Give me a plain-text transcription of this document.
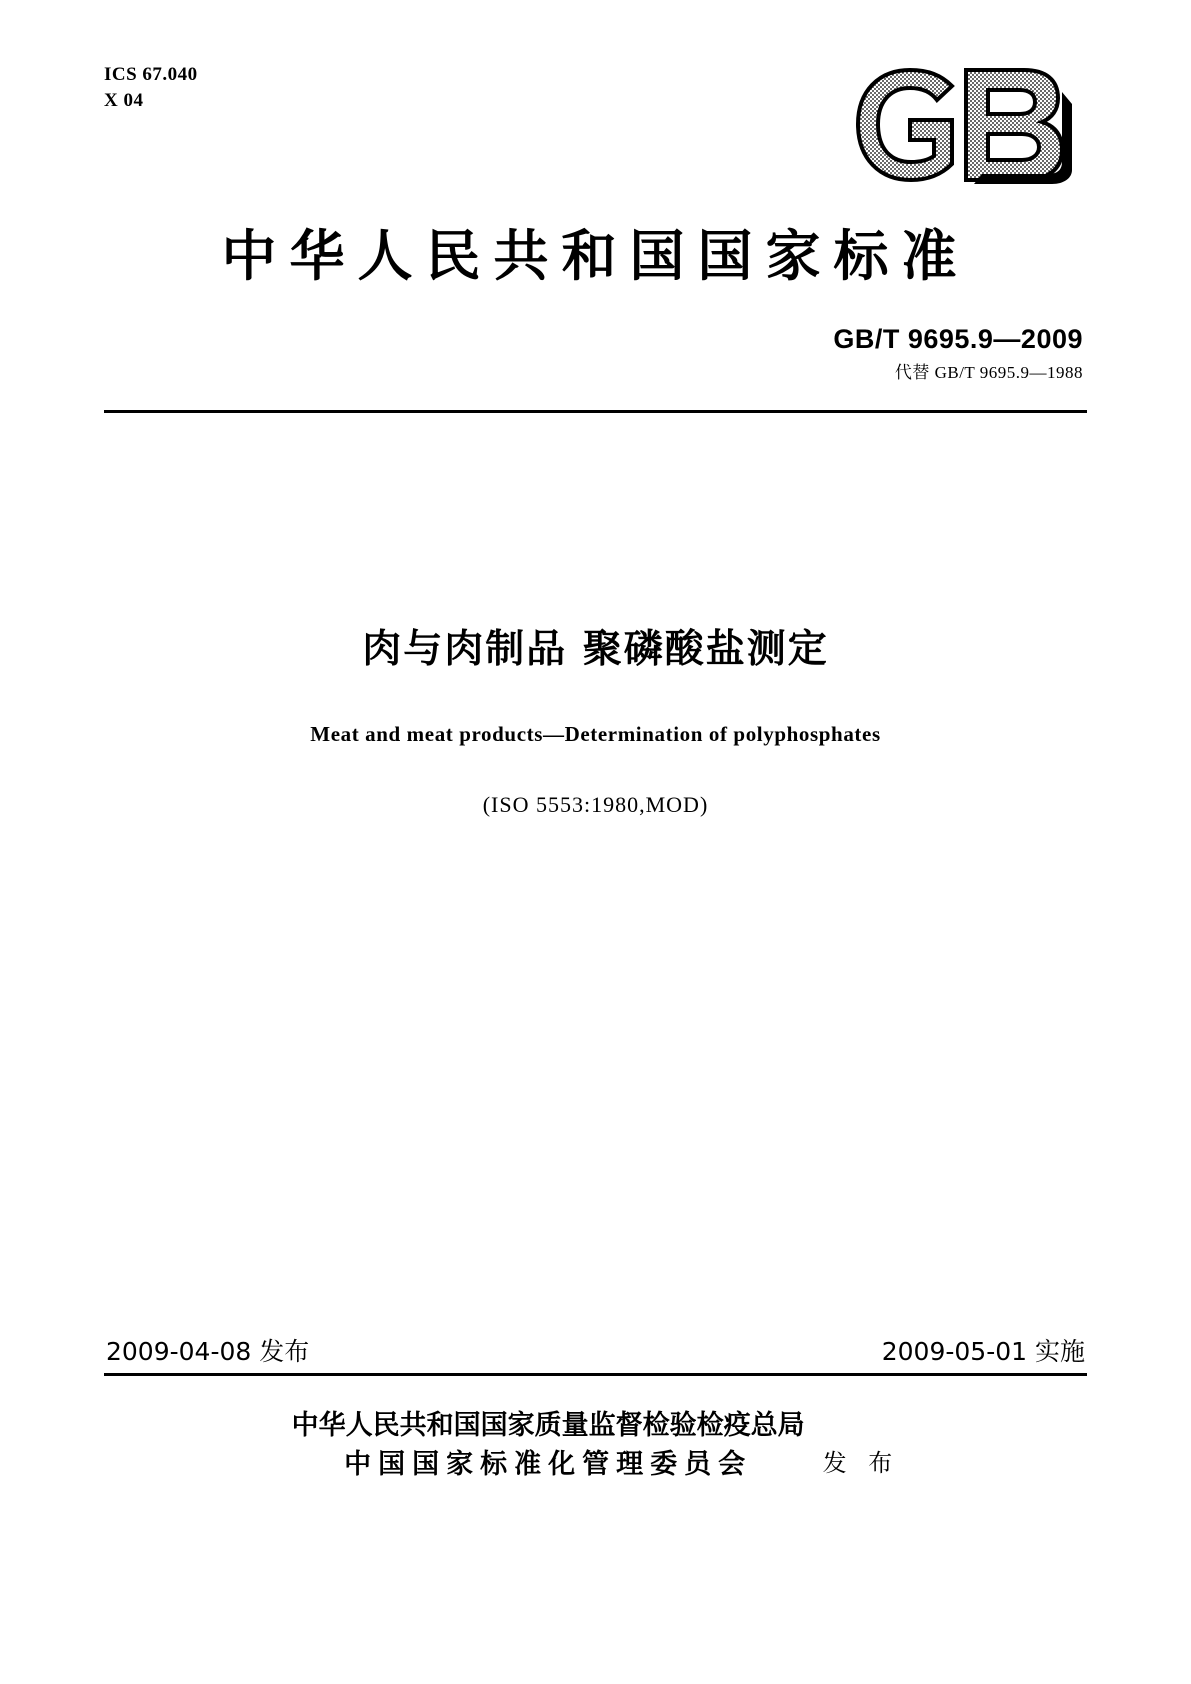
ICS 67.040
X 04
中华人民共和国国家标准
GB/T 9695.9—2009
代替 GB/T 9695.9—1988
肉与肉制品 聚磷酸盐测定
Meat and meat products—Determination of polyphosphates
(ISO 5553:1980,MOD)
2009-04-08 发布	2009-05-01 实施
中华人民共和国国家质量监督检验检疫总局
中国国家标准化管理委员会	发 布
